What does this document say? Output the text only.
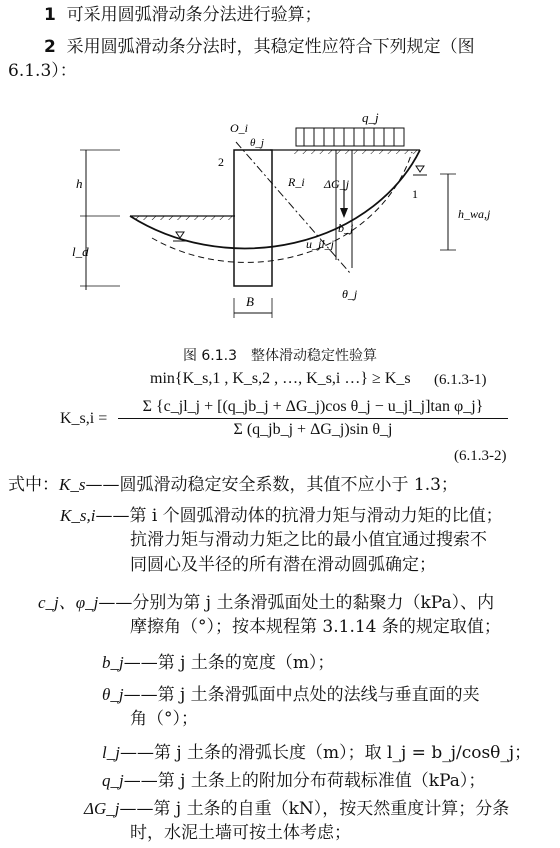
1 可采用圆弧滑动条分法进行验算；
2 采用圆弧滑动条分法时，其稳定性应符合下列规定（图
6.1.3）：
h
l_d
2
1
O_i
θ_j
q_j
R_i ΔG_j
b_j
u_jl_j
θ_j
h_wa,j
B
图 6.1.3　整体滑动稳定性验算
min{K_s,1 , K_s,2 , …, K_s,i …} ≥ K_s (6.1.3-1)
K_s,i =
Σ {c_jl_j + [(q_jb_j + ΔG_j)cos θ_j − u_jl_j]tan φ_j}
Σ (q_jb_j + ΔG_j)sin θ_j
(6.1.3-2)
式中：K_s——圆弧滑动稳定安全系数，其值不应小于 1.3；
K_s,i——第 i 个圆弧滑动体的抗滑力矩与滑动力矩的比值；
抗滑力矩与滑动力矩之比的最小值宜通过搜索不
同圆心及半径的所有潜在滑动圆弧确定；
c_j、φ_j——分别为第 j 土条滑弧面处土的黏聚力（kPa）、内
摩擦角（°）；按本规程第 3.1.14 条的规定取值；
b_j——第 j 土条的宽度（m）；
θ_j——第 j 土条滑弧面中点处的法线与垂直面的夹
角（°）；
l_j——第 j 土条的滑弧长度（m）；取 l_j = b_j/cosθ_j；
q_j——第 j 土条上的附加分布荷载标准值（kPa）；
ΔG_j——第 j 土条的自重（kN），按天然重度计算；分条
时，水泥土墙可按土体考虑；
